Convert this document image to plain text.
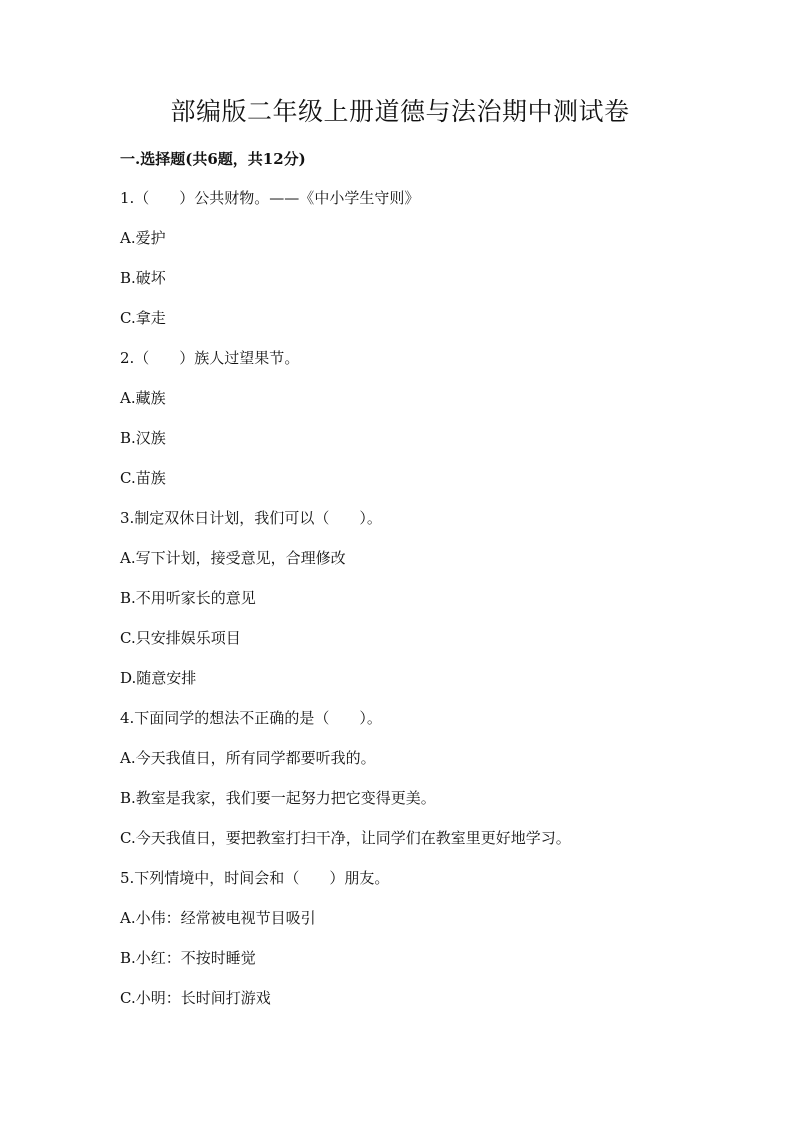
部编版二年级上册道德与法治期中测试卷
一.选择题(共6题，共12分)
1.（　　）公共财物。——《中小学生守则》
A.爱护
B.破坏
C.拿走
2.（　　）族人过望果节。
A.藏族
B.汉族
C.苗族
3.制定双休日计划，我们可以（　　）。
A.写下计划，接受意见，合理修改
B.不用听家长的意见
C.只安排娱乐项目
D.随意安排
4.下面同学的想法不正确的是（　　）。
A.今天我值日，所有同学都要听我的。
B.教室是我家，我们要一起努力把它变得更美。
C.今天我值日，要把教室打扫干净，让同学们在教室里更好地学习。
5.下列情境中，时间会和（　　）朋友。
A.小伟：经常被电视节目吸引
B.小红：不按时睡觉
C.小明：长时间打游戏
